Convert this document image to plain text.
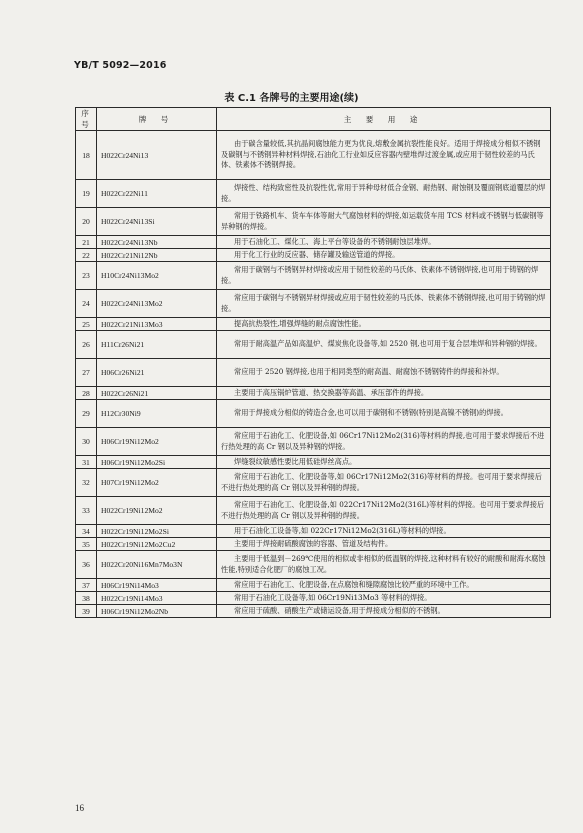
YB/T 5092—2016
表 C.1 各牌号的主要用途(续)
序号	牌 号	主 要 用 途
18	H022Cr24Ni13	由于碳含量较低,其抗晶间腐蚀能力更为优良,熔敷金属抗裂性能良好。适用于焊接成分相似不锈钢及碳钢与不锈钢异种材料焊接,石油化工行业如反应容器内壁堆焊过渡金属,或应用于韧性较差的马氏体、铁素体不锈钢焊接。
19	H022Cr22Ni11	焊接性、结构致密性及抗裂性优,常用于异种母材低合金钢、耐热钢、耐蚀钢及覆面钢底道覆层的焊接。
20	H022Cr24Ni13Si	常用于铁路机车、货车车体等耐大气腐蚀材料的焊接,如运载货车用 TCS 材料或不锈钢与低碳钢等异种钢的焊接。
21	H022Cr24Ni13Nb	用于石油化工、煤化工、海上平台等设备的不锈钢耐蚀层堆焊。
22	H022Cr21Ni12Nb	用于化工行业的反应器、储存罐及输送管道的焊接。
23	H10Cr24Ni13Mo2	常用于碳钢与不锈钢异材焊接或应用于韧性较差的马氏体、铁素体不锈钢焊接,也可用于铸钢的焊接。
24	H022Cr24Ni13Mo2	常应用于碳钢与不锈钢异材焊接或应用于韧性较差的马氏体、铁素体不锈钢焊接,也可用于铸钢的焊接。
25	H022Cr21Ni13Mo3	提高抗热裂性,增强焊缝的耐点腐蚀性能。
26	H11Cr26Ni21	常用于耐高温产品如高温炉、煤炭焦化设备等,如 2520 钢,也可用于复合层堆焊和异种钢的焊接。
27	H06Cr26Ni21	常应用于 2520 钢焊接,也用于相同类型的耐高温、耐腐蚀不锈钢铸件的焊接和补焊。
28	H022Cr26Ni21	主要用于高压锅炉管道、热交换器等高温、承压部件的焊接。
29	H12Cr30Ni9	常用于焊接成分相似的铸造合金,也可以用于碳钢和不锈钢(特别是高镍不锈钢)的焊接。
30	H06Cr19Ni12Mo2	常应用于石油化工、化肥设备,如 06Cr17Ni12Mo2(316)等材料的焊接,也可用于要求焊接后不进行热处理的高 Cr 钢以及异种钢的焊接。
31	H06Cr19Ni12Mo2Si	焊缝裂纹敏感性要比用低硅焊丝高点。
32	H07Cr19Ni12Mo2	常应用于石油化工、化肥设备等,如 06Cr17Ni12Mo2(316)等材料的焊接。也可用于要求焊接后不进行热处理的高 Cr 钢以及异种钢的焊接。
33	H022Cr19Ni12Mo2	常应用于石油化工、化肥设备,如 022Cr17Ni12Mo2(316L)等材料的焊接。也可用于要求焊接后不进行热处理的高 Cr 钢以及异种钢的焊接。
34	H022Cr19Ni12Mo2Si	用于石油化工设备等,如 022Cr17Ni12Mo2(316L)等材料的焊接。
35	H022Cr19Ni12Mo2Cu2	主要用于焊接耐硫酸腐蚀的容器、管道及结构件。
36	H022Cr20Ni16Mn7Mo3N	主要用于低温到－269℃使用的相似或非相似的低温钢的焊接,这种材料有较好的耐酸和耐海水腐蚀性能,特别适合化肥厂的腐蚀工况。
37	H06Cr19Ni14Mo3	常应用于石油化工、化肥设备,在点腐蚀和缝隙腐蚀比较严重的环境中工作。
38	H022Cr19Ni14Mo3	常用于石油化工设备等,如 06Cr19Ni13Mo3 等材料的焊接。
39	H06Cr19Ni12Mo2Nb	常应用于硫酸、硝酸生产或储运设备,用于焊接成分相似的不锈钢。
16
